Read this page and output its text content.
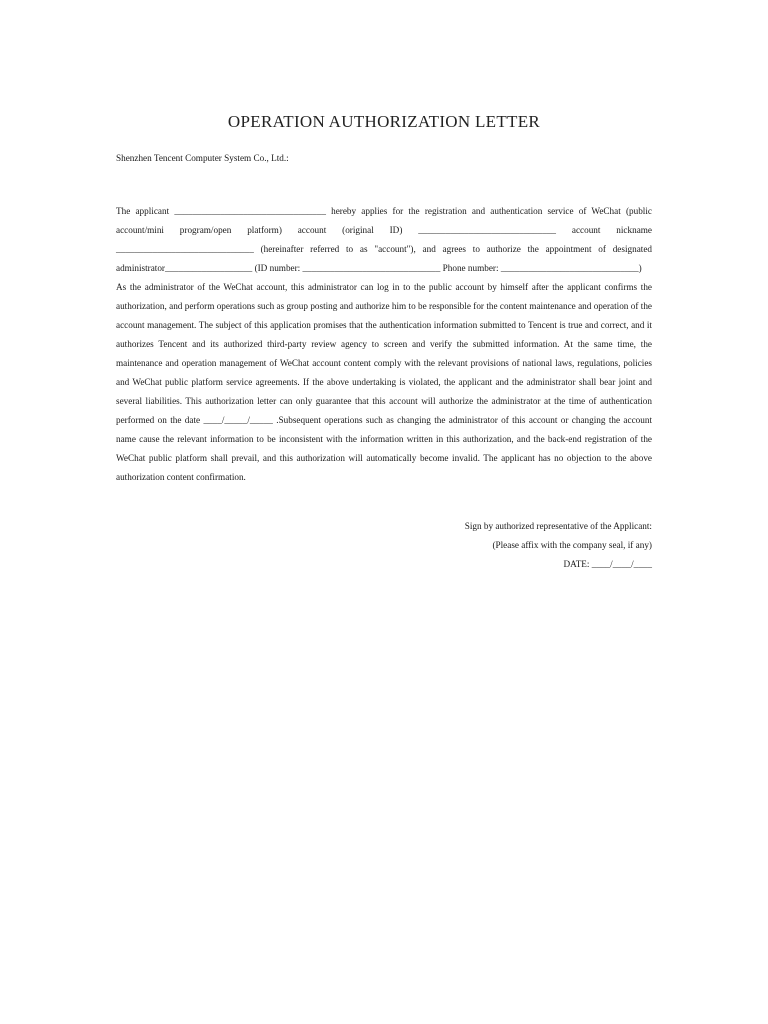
OPERATION AUTHORIZATION LETTER
Shenzhen Tencent Computer System Co., Ltd.:

The applicant _________________________________ hereby applies for the registration and authentication service of WeChat (public account/mini program/open platform) account (original ID) ______________________________ account nickname ______________________________ (hereinafter referred to as "account"), and agrees to authorize the appointment of designated administrator___________________ (ID number: ______________________________ Phone number: ______________________________)

As the administrator of the WeChat account, this administrator can log in to the public account by himself after the applicant confirms the authorization, and perform operations such as group posting and authorize him to be responsible for the content maintenance and operation of the account management. The subject of this application promises that the authentication information submitted to Tencent is true and correct, and it authorizes Tencent and its authorized third-party review agency to screen and verify the submitted information. At the same time, the maintenance and operation management of WeChat account content comply with the relevant provisions of national laws, regulations, policies and WeChat public platform service agreements. If the above undertaking is violated, the applicant and the administrator shall bear joint and several liabilities. This authorization letter can only guarantee that this account will authorize the administrator at the time of authentication performed on the date ____/_____/_____ .Subsequent operations such as changing the administrator of this account or changing the account name cause the relevant information to be inconsistent with the information written in this authorization, and the back-end registration of the WeChat public platform shall prevail, and this authorization will automatically become invalid. The applicant has no objection to the above authorization content confirmation.

Sign by authorized representative of the Applicant:
(Please affix with the company seal, if any)
DATE: ____/____/____
